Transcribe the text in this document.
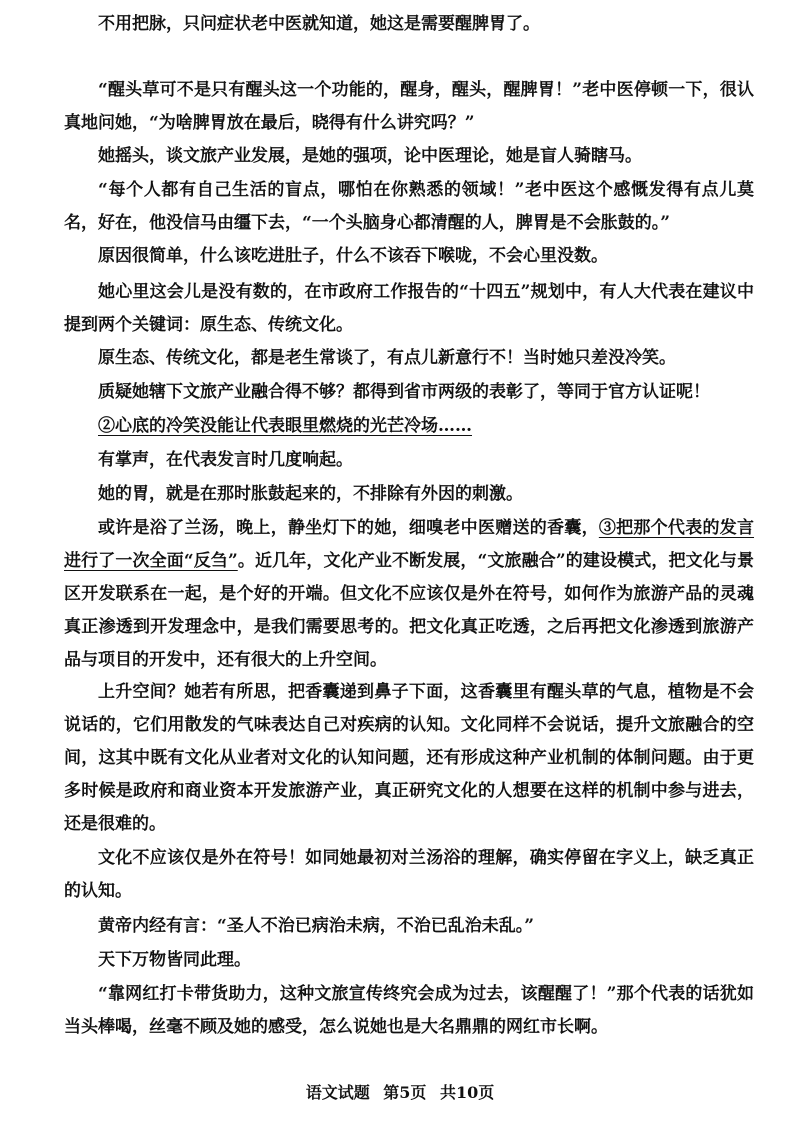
不用把脉，只问症状老中医就知道，她这是需要醒脾胃了。

“醒头草可不是只有醒头这一个功能的，醒身，醒头，醒脾胃！”老中医停顿一下，很认真地问她，“为啥脾胃放在最后，晓得有什么讲究吗？”

她摇头，谈文旅产业发展，是她的强项，论中医理论，她是盲人骑瞎马。

“每个人都有自己生活的盲点，哪怕在你熟悉的领域！”老中医这个感慨发得有点儿莫名，好在，他没信马由缰下去，“一个头脑身心都清醒的人，脾胃是不会胀鼓的。”

原因很简单，什么该吃进肚子，什么不该吞下喉咙，不会心里没数。

她心里这会儿是没有数的，在市政府工作报告的“十四五”规划中，有人大代表在建议中提到两个关键词：原生态、传统文化。

原生态、传统文化，都是老生常谈了，有点儿新意行不！当时她只差没冷笑。

质疑她辖下文旅产业融合得不够？都得到省市两级的表彰了，等同于官方认证呢！

②心底的冷笑没能让代表眼里燃烧的光芒冷场……

有掌声，在代表发言时几度响起。

她的胃，就是在那时胀鼓起来的，不排除有外因的刺激。

或许是浴了兰汤，晚上，静坐灯下的她，细嗅老中医赠送的香囊，③把那个代表的发言进行了一次全面“反刍”。近几年，文化产业不断发展，“文旅融合”的建设模式，把文化与景区开发联系在一起，是个好的开端。但文化不应该仅是外在符号，如何作为旅游产品的灵魂真正渗透到开发理念中，是我们需要思考的。把文化真正吃透，之后再把文化渗透到旅游产品与项目的开发中，还有很大的上升空间。

上升空间？她若有所思，把香囊递到鼻子下面，这香囊里有醒头草的气息，植物是不会说话的，它们用散发的气味表达自己对疾病的认知。文化同样不会说话，提升文旅融合的空间，这其中既有文化从业者对文化的认知问题，还有形成这种产业机制的体制问题。由于更多时候是政府和商业资本开发旅游产业，真正研究文化的人想要在这样的机制中参与进去，还是很难的。

文化不应该仅是外在符号！如同她最初对兰汤浴的理解，确实停留在字义上，缺乏真正的认知。

黄帝内经有言：“圣人不治已病治未病，不治已乱治未乱。”

天下万物皆同此理。

“靠网红打卡带货助力，这种文旅宣传终究会成为过去，该醒醒了！”那个代表的话犹如当头棒喝，丝毫不顾及她的感受，怎么说她也是大名鼎鼎的网红市长啊。

语文试题 第5页 共10页
